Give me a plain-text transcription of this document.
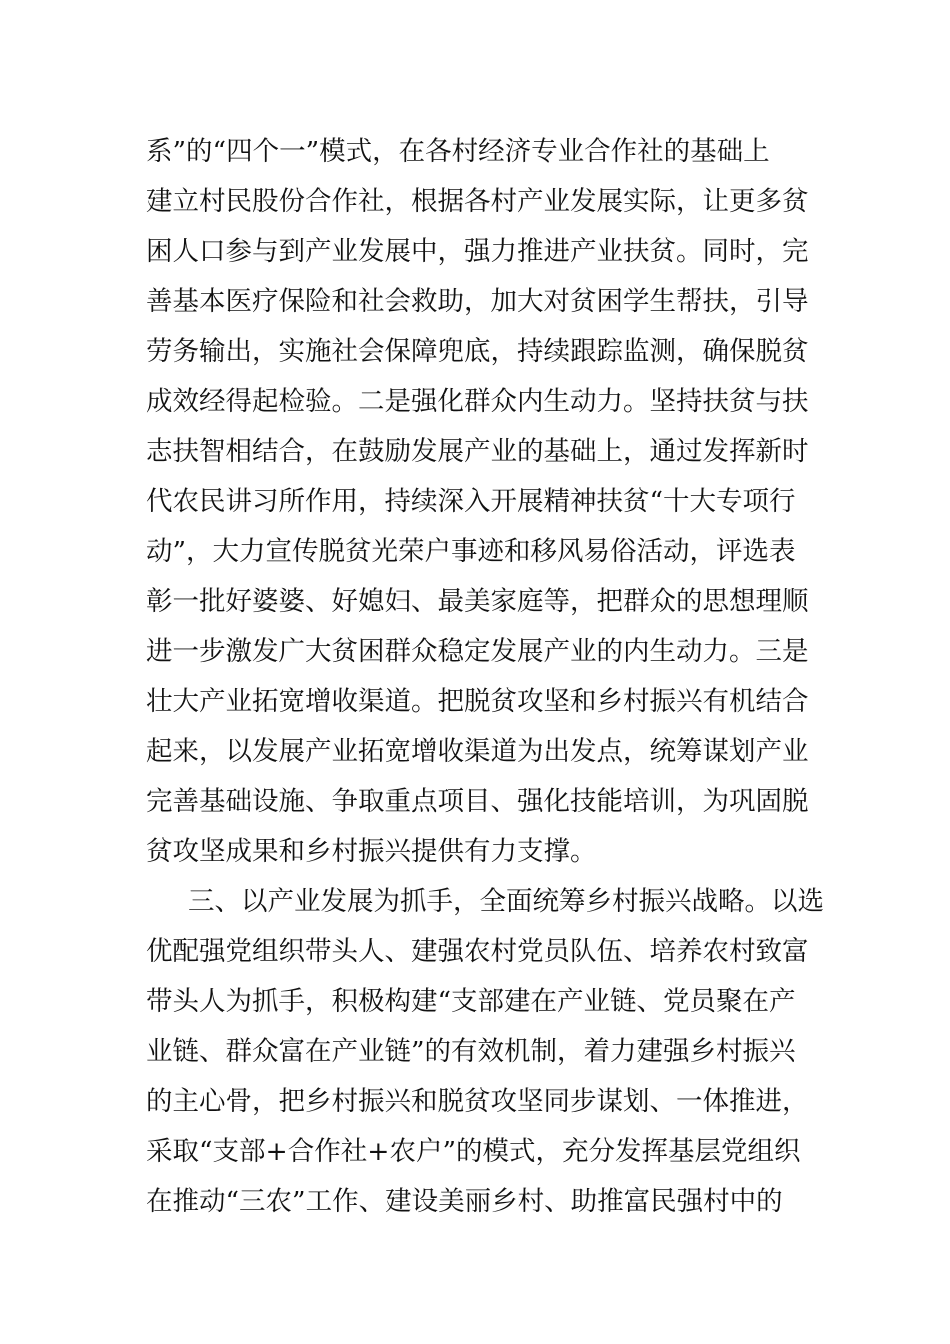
系”的“四个一”模式，在各村经济专业合作社的基础上
建立村民股份合作社，根据各村产业发展实际，让更多贫
困人口参与到产业发展中，强力推进产业扶贫。同时，完
善基本医疗保险和社会救助，加大对贫困学生帮扶，引导
劳务输出，实施社会保障兜底，持续跟踪监测，确保脱贫
成效经得起检验。二是强化群众内生动力。坚持扶贫与扶
志扶智相结合，在鼓励发展产业的基础上，通过发挥新时
代农民讲习所作用，持续深入开展精神扶贫“十大专项行
动”，大力宣传脱贫光荣户事迹和移风易俗活动，评选表
彰一批好婆婆、好媳妇、最美家庭等，把群众的思想理顺
进一步激发广大贫困群众稳定发展产业的内生动力。三是
壮大产业拓宽增收渠道。把脱贫攻坚和乡村振兴有机结合
起来，以发展产业拓宽增收渠道为出发点，统筹谋划产业
完善基础设施、争取重点项目、强化技能培训，为巩固脱
贫攻坚成果和乡村振兴提供有力支撑。
三、以产业发展为抓手，全面统筹乡村振兴战略。以选
优配强党组织带头人、建强农村党员队伍、培养农村致富
带头人为抓手，积极构建“支部建在产业链、党员聚在产
业链、群众富在产业链”的有效机制，着力建强乡村振兴
的主心骨，把乡村振兴和脱贫攻坚同步谋划、一体推进，
采取“支部+合作社+农户”的模式，充分发挥基层党组织
在推动“三农”工作、建设美丽乡村、助推富民强村中的
